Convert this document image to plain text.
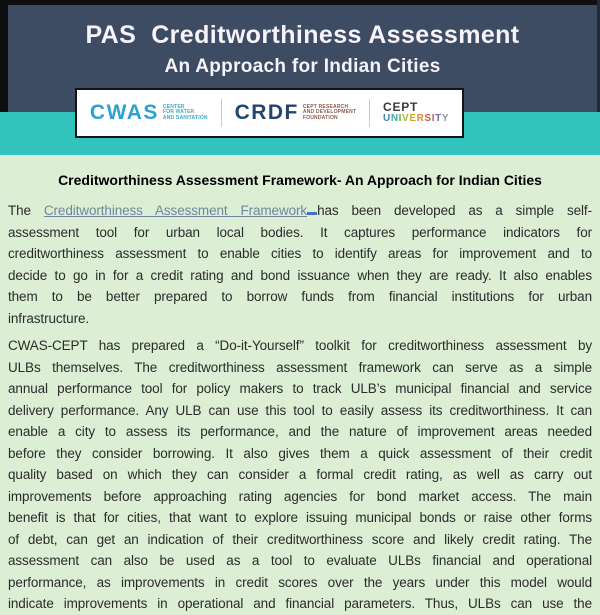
PAS Creditworthiness Assessment
An Approach for Indian Cities
CWAS CENTER
FOR WATER
AND SANITATION CRDF CEPT RESEARCH
AND DEVELOPMENT
FOUNDATION
CEPT
UNIVERSITY
Creditworthiness Assessment Framework- An Approach for Indian Cities
The Creditworthiness Assessment Framework has been developed as a simple self-
assessment tool for urban local bodies. It captures performance indicators for
creditworthiness assessment to enable cities to identify areas for improvement and to
decide to go in for a credit rating and bond issuance when they are ready. It also enables
them to be better prepared to borrow funds from financial institutions for urban
infrastructure.
CWAS-CEPT has prepared a “Do-it-Yourself” toolkit for creditworthiness assessment by
ULBs themselves. The creditworthiness assessment framework can serve as a simple
annual performance tool for policy makers to track ULB’s municipal financial and service
delivery performance. Any ULB can use this tool to easily assess its creditworthiness. It can
enable a city to assess its performance, and the nature of improvement areas needed
before they consider borrowing. It also gives them a quick assessment of their credit
quality based on which they can consider a formal credit rating, as well as carry out
improvements before approaching rating agencies for bond market access. The main
benefit is that for cities, that want to explore issuing municipal bonds or raise other forms
of debt, can get an indication of their creditworthiness score and likely credit rating. The
assessment can also be used as a tool to evaluate ULBs financial and operational
performance, as improvements in credit scores over the years under this model would
indicate improvements in operational and financial parameters. Thus, ULBs can use the
